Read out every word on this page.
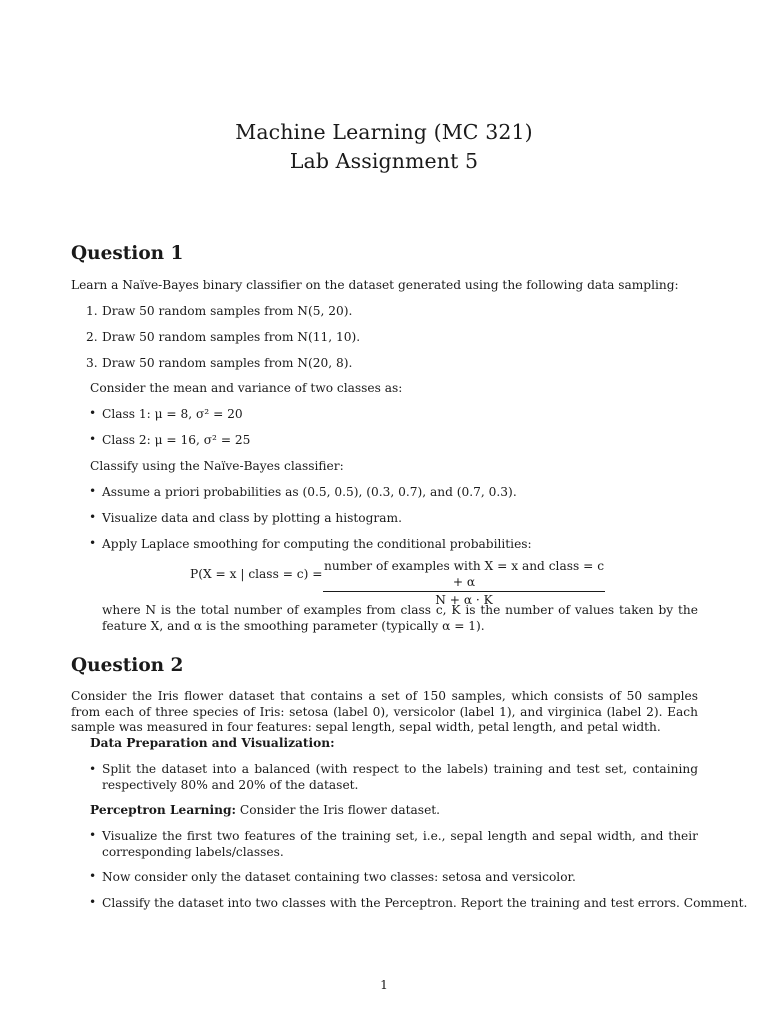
Machine Learning (MC 321)
Lab Assignment 5
Question 1
Learn a Naïve-Bayes binary classifier on the dataset generated using the following data sampling:
1. Draw 50 random samples from N(5, 20).
2. Draw 50 random samples from N(11, 10).
3. Draw 50 random samples from N(20, 8).
Consider the mean and variance of two classes as:
• Class 1: μ = 8, σ² = 20
• Class 2: μ = 16, σ² = 25
Classify using the Naïve-Bayes classifier:
• Assume a priori probabilities as (0.5, 0.5), (0.3, 0.7), and (0.7, 0.3).
• Visualize data and class by plotting a histogram.
• Apply Laplace smoothing for computing the conditional probabilities:
P(X = x | class = c) =
number of examples with X = x and class = c + α
N + α · K
where N is the total number of examples from class c, K is the number of values taken by the feature X, and α is the smoothing parameter (typically α = 1).
Question 2
Consider the Iris flower dataset that contains a set of 150 samples, which consists of 50 samples from each of three species of Iris: setosa (label 0), versicolor (label 1), and virginica (label 2). Each sample was measured in four features: sepal length, sepal width, petal length, and petal width.
Data Preparation and Visualization:
• Split the dataset into a balanced (with respect to the labels) training and test set, containing respectively 80% and 20% of the dataset.
Perceptron Learning: Consider the Iris flower dataset.
• Visualize the first two features of the training set, i.e., sepal length and sepal width, and their corresponding labels/classes.
• Now consider only the dataset containing two classes: setosa and versicolor.
• Classify the dataset into two classes with the Perceptron. Report the training and test errors. Comment.
1
